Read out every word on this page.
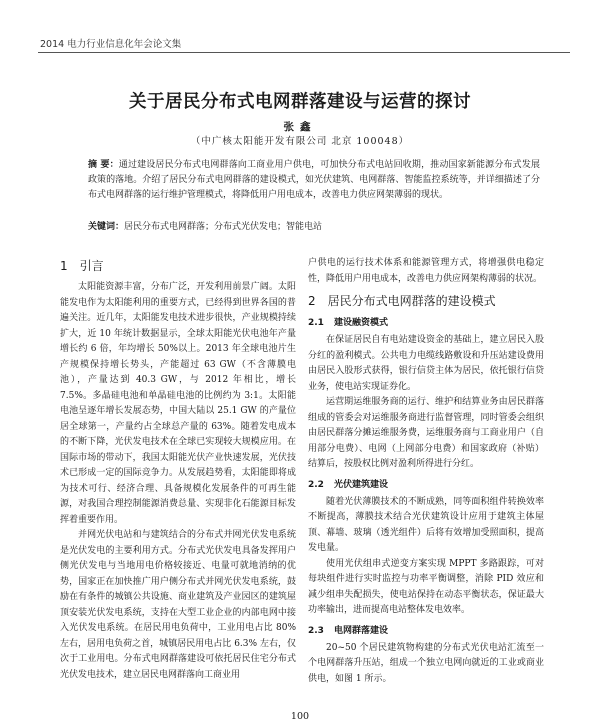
2014 电力行业信息化年会论文集
关于居民分布式电网群落建设与运营的探讨
张鑫
（中广核太阳能开发有限公司 北京 100048）
摘 要：通过建设居民分布式电网群落向工商业用户供电，可加快分布式电站回收期，推动国家新能源分布式发展政策的落地。介绍了居民分布式电网群落的建设模式，如光伏建筑、电网群落、智能监控系统等，并详细描述了分布式电网群落的运行维护管理模式，将降低用户用电成本，改善电力供应网架薄弱的现状。
关键词：居民分布式电网群落；分布式光伏发电；智能电站
1 引言

太阳能资源丰富，分布广泛，开发利用前景广阔。太阳能发电作为太阳能利用的重要方式，已经得到世界各国的普遍关注。近几年，太阳能发电技术进步很快，产业规模持续扩大，近 10 年统计数据显示，全球太阳能光伏电池年产量增长约 6 倍，年均增长 50%以上。2013 年全球电池片生产规模保持增长势头，产能超过 63 GW（不含薄膜电池），产量达到 40.3 GW，与 2012 年相比，增长 7.5%。多晶硅电池和单晶硅电池的比例约为 3:1。太阳能电池呈逐年增长发展态势，中国大陆以 25.1 GW 的产量位居全球第一，产量约占全球总产量的 63%。随着发电成本的不断下降，光伏发电技术在全球已实现较大规模应用。在国际市场的带动下，我国太阳能光伏产业快速发展，光伏技术已形成一定的国际竞争力。从发展趋势看，太阳能即将成为技术可行、经济合理、具备规模化发展条件的可再生能源，对我国合理控制能源消费总量、实现非化石能源目标发挥着重要作用。

并网光伏电站和与建筑结合的分布式并网光伏发电系统是光伏发电的主要利用方式。分布式光伏发电具备发挥用户侧光伏发电与当地用电价格较接近、电量可就地消纳的优势，国家正在加快推广用户侧分布式并网光伏发电系统，鼓励在有条件的城镇公共设施、商业建筑及产业园区的建筑屋顶安装光伏发电系统，支持在大型工业企业的内部电网中接入光伏发电系统。在居民用电负荷中，工业用电占比 80% 左右，居用电负荷之首，城镇居民用电占比 6.3% 左右，仅次于工业用电。分布式电网群落建设可依托居民住宅分布式光伏发电技术，建立居民电网群落向工商业用

户供电的运行技术体系和能源管理方式，将增强供电稳定性，降低用户用电成本，改善电力供应网架构薄弱的状况。

2 居民分布式电网群落的建设模式
2.1 建设融资模式

在保证居民自有电站建设资金的基础上，建立居民入股分红的盈利模式。公共电力电缆线路敷设和升压站建设费用由居民入股形式获得，银行信贷主体为居民，依托银行信贷业务，使电站实现证券化。

运营期运维服务商的运行、维护和结算业务由居民群落组成的管委会对运维服务商进行监督管理，同时管委会组织由居民群落分摊运维服务费，运维服务商与工商业用户（自用部分电费）、电网（上网部分电费）和国家政府（补贴）结算后，按股权比例对盈利所得进行分红。

2.2 光伏建筑建设

随着光伏薄膜技术的不断成熟，同等面积组件转换效率不断提高，薄膜技术结合光伏建筑设计应用于建筑主体屋顶、幕墙、玻璃（透光组件）后将有效增加受照面积，提高发电量。

使用光伏组串式逆变方案实现 MPPT 多路跟踪，可对每块组件进行实时监控与功率平衡调整，消除 PID 效应和减少组串失配损失，使电站保持在动态平衡状态，保证最大功率输出，进而提高电站整体发电效率。

2.3 电网群落建设

20~50 个居民建筑物构建的分布式光伏电站汇流至一个电网群落升压站，组成一个独立电网向就近的工业或商业供电，如图 1 所示。

100
